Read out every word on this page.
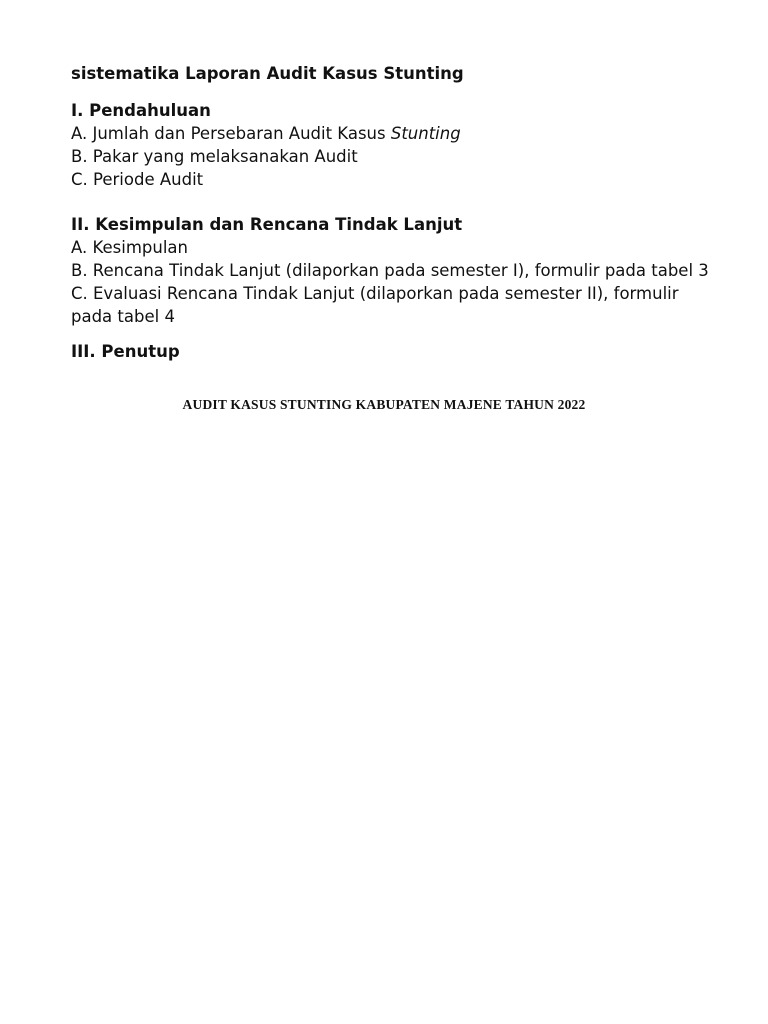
sistematika Laporan Audit Kasus Stunting
I. Pendahuluan
A. Jumlah dan Persebaran Audit Kasus Stunting
B. Pakar yang melaksanakan Audit
C. Periode Audit
II. Kesimpulan dan Rencana Tindak Lanjut
A. Kesimpulan
B. Rencana Tindak Lanjut (dilaporkan pada semester I), formulir pada tabel 3
C. Evaluasi Rencana Tindak Lanjut (dilaporkan pada semester II), formulir pada tabel 4
III. Penutup
AUDIT KASUS STUNTING KABUPATEN MAJENE TAHUN 2022
